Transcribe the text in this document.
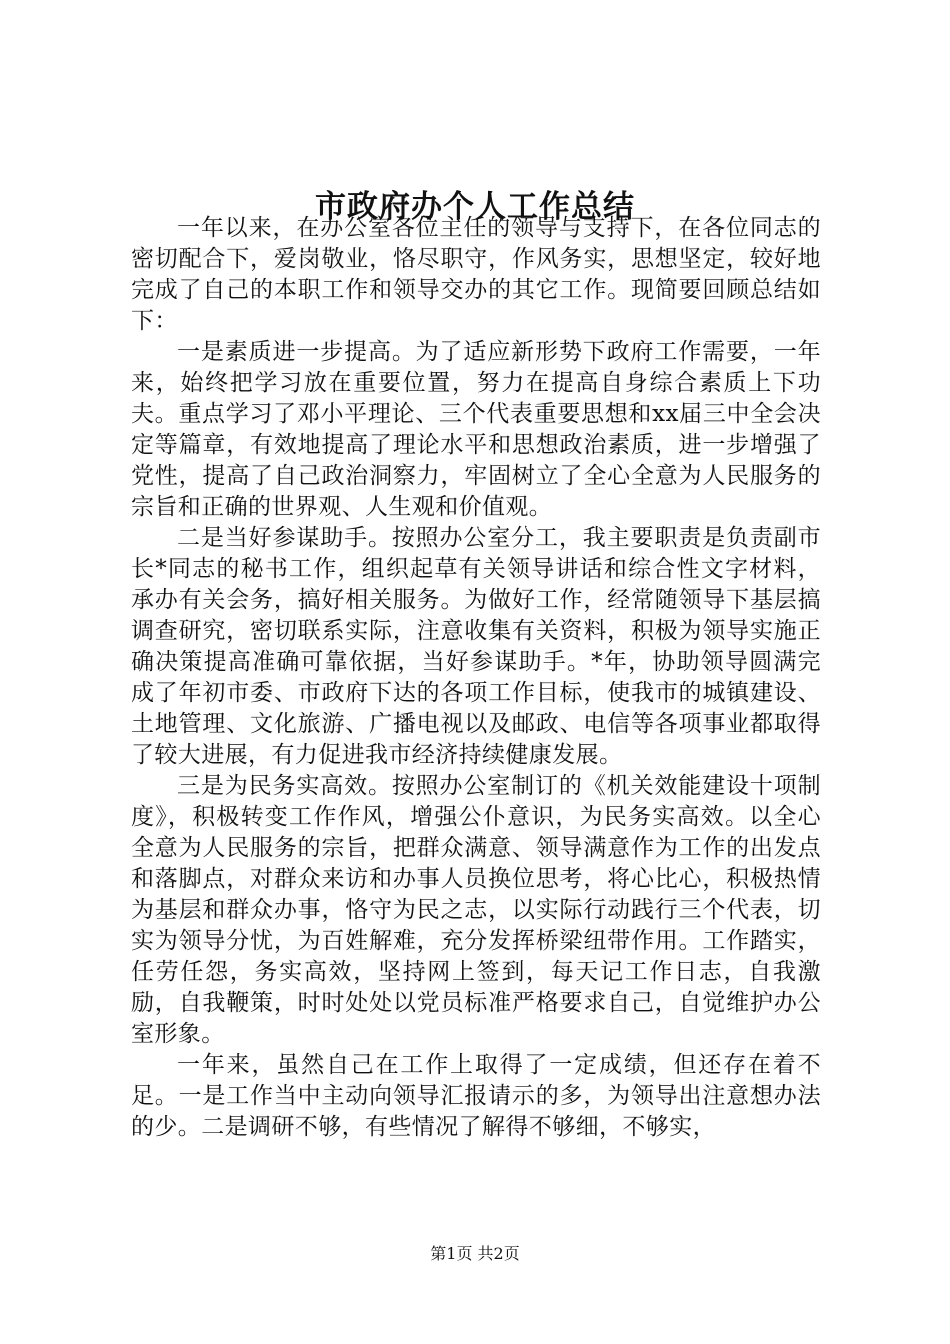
市政府办个人工作总结

一年以来，在办公室各位主任的领导与支持下，在各位同志的密切配合下，爱岗敬业，恪尽职守，作风务实，思想坚定，较好地完成了自己的本职工作和领导交办的其它工作。现简要回顾总结如下：

一是素质进一步提高。为了适应新形势下政府工作需要，一年来，始终把学习放在重要位置，努力在提高自身综合素质上下功夫。重点学习了邓小平理论、三个代表重要思想和xx届三中全会决定等篇章，有效地提高了理论水平和思想政治素质，进一步增强了党性，提高了自己政治洞察力，牢固树立了全心全意为人民服务的宗旨和正确的世界观、人生观和价值观。

二是当好参谋助手。按照办公室分工，我主要职责是负责副市长*同志的秘书工作，组织起草有关领导讲话和综合性文字材料，承办有关会务，搞好相关服务。为做好工作，经常随领导下基层搞调查研究，密切联系实际，注意收集有关资料，积极为领导实施正确决策提高准确可靠依据，当好参谋助手。*年，协助领导圆满完成了年初市委、市政府下达的各项工作目标，使我市的城镇建设、土地管理、文化旅游、广播电视以及邮政、电信等各项事业都取得了较大进展，有力促进我市经济持续健康发展。

三是为民务实高效。按照办公室制订的《机关效能建设十项制度》，积极转变工作作风，增强公仆意识，为民务实高效。以全心全意为人民服务的宗旨，把群众满意、领导满意作为工作的出发点和落脚点，对群众来访和办事人员换位思考，将心比心，积极热情为基层和群众办事，恪守为民之志，以实际行动践行三个代表，切实为领导分忧，为百姓解难，充分发挥桥梁纽带作用。工作踏实，任劳任怨，务实高效，坚持网上签到，每天记工作日志，自我激励，自我鞭策，时时处处以党员标准严格要求自己，自觉维护办公室形象。

一年来，虽然自己在工作上取得了一定成绩，但还存在着不足。一是工作当中主动向领导汇报请示的多，为领导出注意想办法的少。二是调研不够，有些情况了解得不够细，不够实，

第1页 共2页
